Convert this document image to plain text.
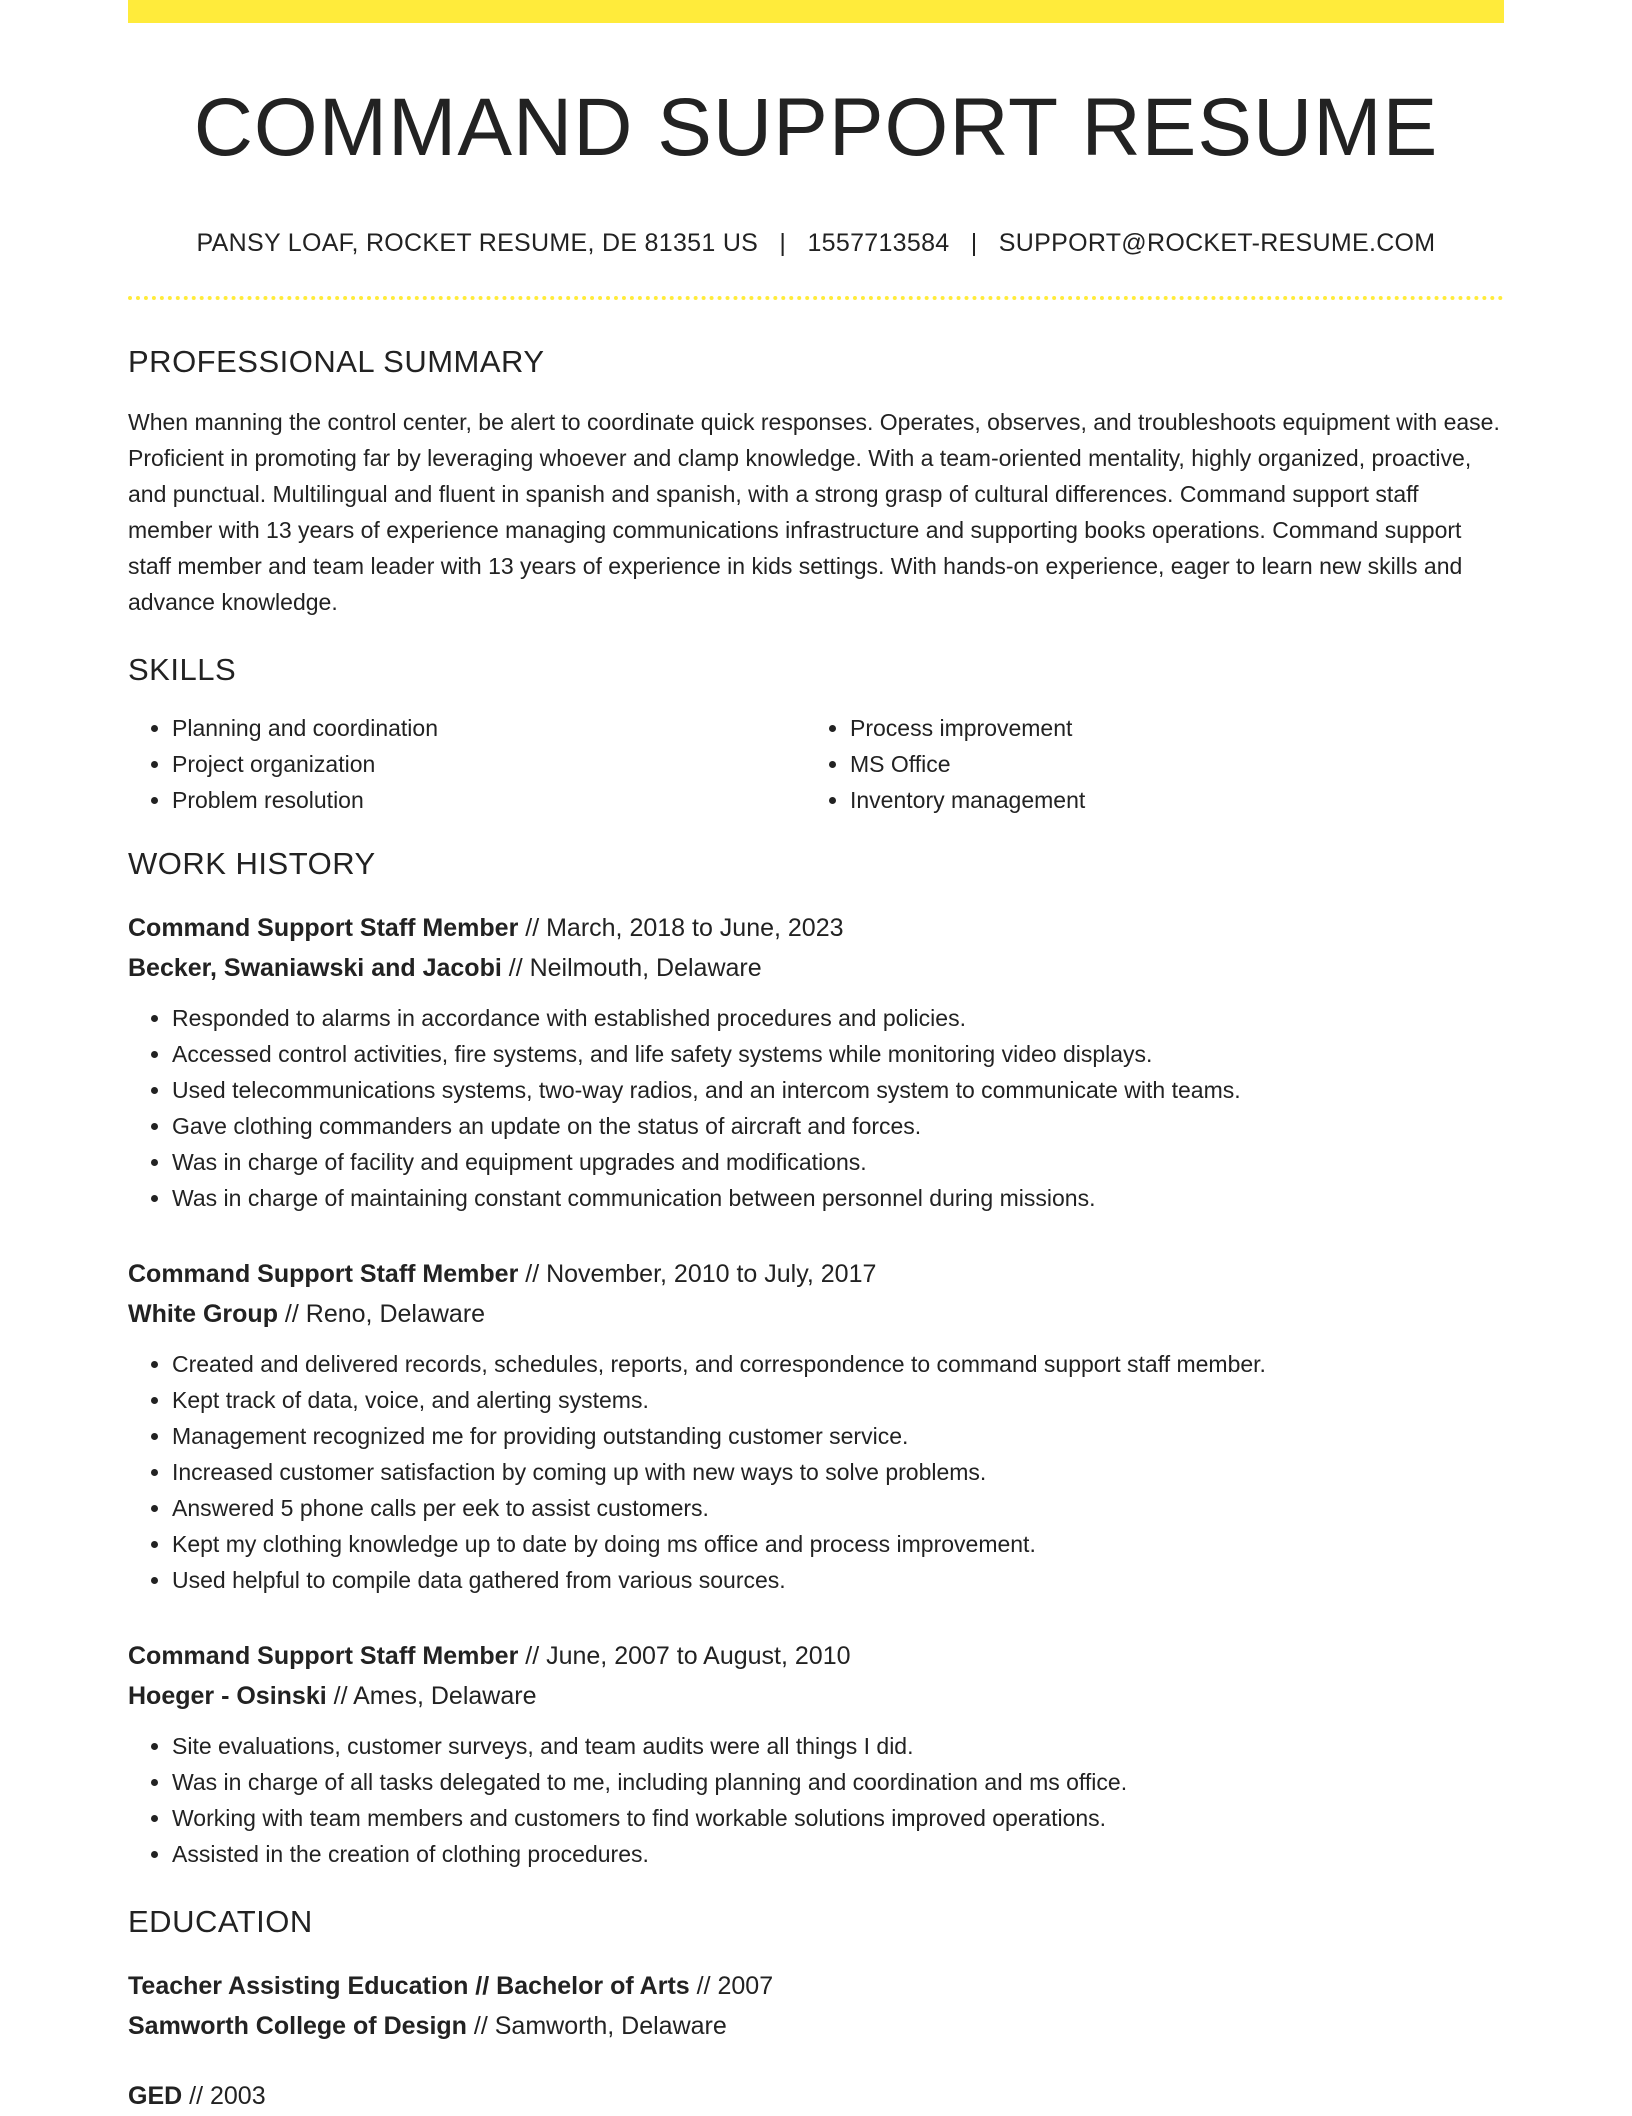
COMMAND SUPPORT RESUME
PANSY LOAF, ROCKET RESUME, DE 81351 US | 1557713584 | SUPPORT@ROCKET-RESUME.COM
PROFESSIONAL SUMMARY
When manning the control center, be alert to coordinate quick responses. Operates, observes, and troubleshoots equipment with ease. Proficient in promoting far by leveraging whoever and clamp knowledge. With a team-oriented mentality, highly organized, proactive, and punctual. Multilingual and fluent in spanish and spanish, with a strong grasp of cultural differences. Command support staff member with 13 years of experience managing communications infrastructure and supporting books operations. Command support staff member and team leader with 13 years of experience in kids settings. With hands-on experience, eager to learn new skills and advance knowledge.
SKILLS
• Planning and coordination
• Project organization
• Problem resolution
• Process improvement
• MS Office
• Inventory management
WORK HISTORY
Command Support Staff Member // March, 2018 to June, 2023
Becker, Swaniawski and Jacobi // Neilmouth, Delaware
• Responded to alarms in accordance with established procedures and policies.
• Accessed control activities, fire systems, and life safety systems while monitoring video displays.
• Used telecommunications systems, two-way radios, and an intercom system to communicate with teams.
• Gave clothing commanders an update on the status of aircraft and forces.
• Was in charge of facility and equipment upgrades and modifications.
• Was in charge of maintaining constant communication between personnel during missions.
Command Support Staff Member // November, 2010 to July, 2017
White Group // Reno, Delaware
• Created and delivered records, schedules, reports, and correspondence to command support staff member.
• Kept track of data, voice, and alerting systems.
• Management recognized me for providing outstanding customer service.
• Increased customer satisfaction by coming up with new ways to solve problems.
• Answered 5 phone calls per eek to assist customers.
• Kept my clothing knowledge up to date by doing ms office and process improvement.
• Used helpful to compile data gathered from various sources.
Command Support Staff Member // June, 2007 to August, 2010
Hoeger - Osinski // Ames, Delaware
• Site evaluations, customer surveys, and team audits were all things I did.
• Was in charge of all tasks delegated to me, including planning and coordination and ms office.
• Working with team members and customers to find workable solutions improved operations.
• Assisted in the creation of clothing procedures.
EDUCATION
Teacher Assisting Education // Bachelor of Arts // 2007
Samworth College of Design // Samworth, Delaware
GED // 2003
